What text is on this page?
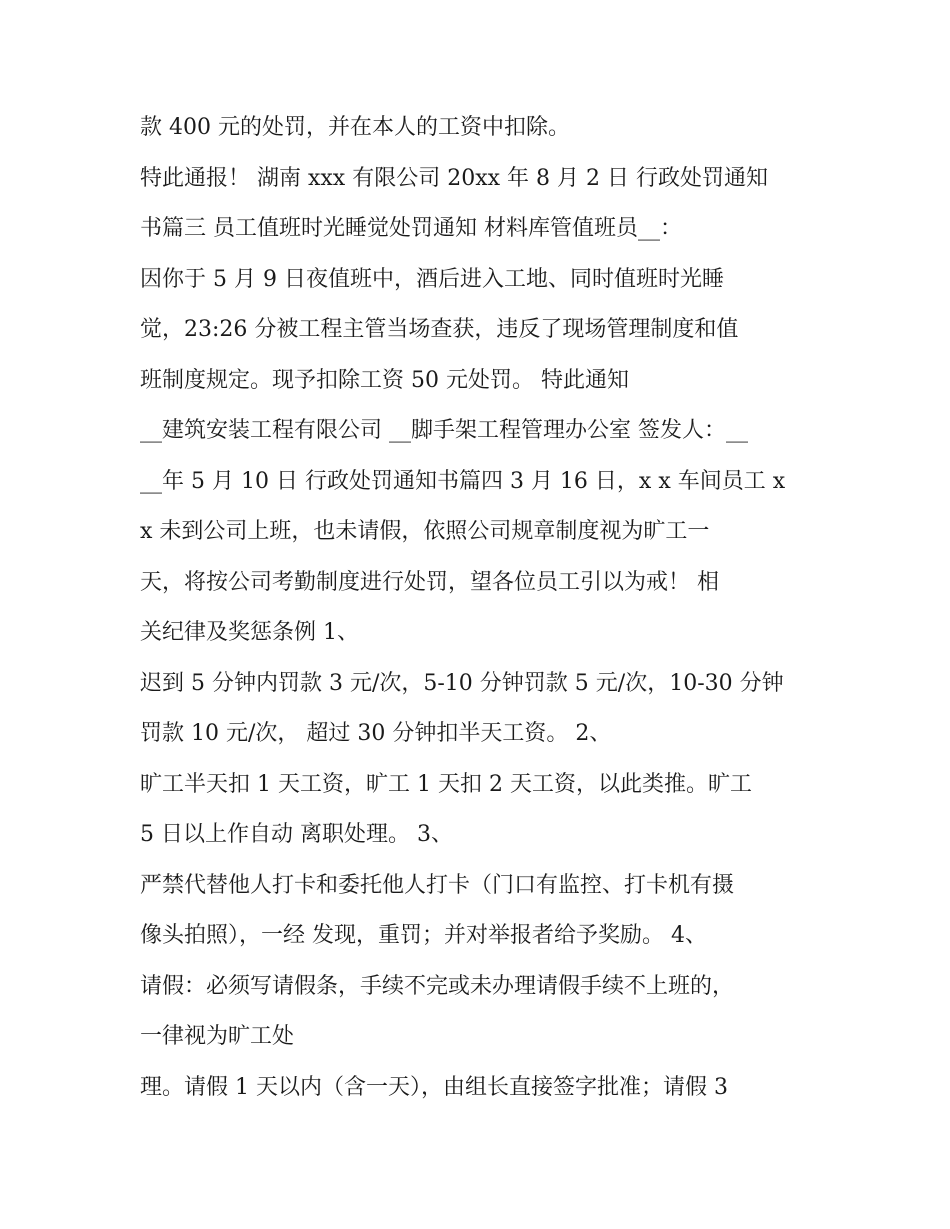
款 400 元的处罚，并在本人的工资中扣除。
特此通报！ 湖南 xxx 有限公司 20xx 年 8 月 2 日 行政处罚通知
书篇三 员工值班时光睡觉处罚通知 材料库管值班员__：
因你于 5 月 9 日夜值班中，酒后进入工地、同时值班时光睡
觉，23:26 分被工程主管当场查获，违反了现场管理制度和值
班制度规定。现予扣除工资 50 元处罚。 特此通知
__建筑安装工程有限公司 __脚手架工程管理办公室 签发人：__
__年 5 月 10 日 行政处罚通知书篇四 3 月 16 日，x x 车间员工 x
x 未到公司上班，也未请假，依照公司规章制度视为旷工一
天，将按公司考勤制度进行处罚，望各位员工引以为戒！ 相
关纪律及奖惩条例 1、
迟到 5 分钟内罚款 3 元/次，5-10 分钟罚款 5 元/次，10-30 分钟
罚款 10 元/次， 超过 30 分钟扣半天工资。 2、
旷工半天扣 1 天工资，旷工 1 天扣 2 天工资，以此类推。旷工
5 日以上作自动 离职处理。 3、
严禁代替他人打卡和委托他人打卡（门口有监控、打卡机有摄
像头拍照），一经 发现，重罚；并对举报者给予奖励。 4、
请假：必须写请假条，手续不完或未办理请假手续不上班的，
一律视为旷工处
理。请假 1 天以内（含一天），由组长直接签字批准；请假 3
